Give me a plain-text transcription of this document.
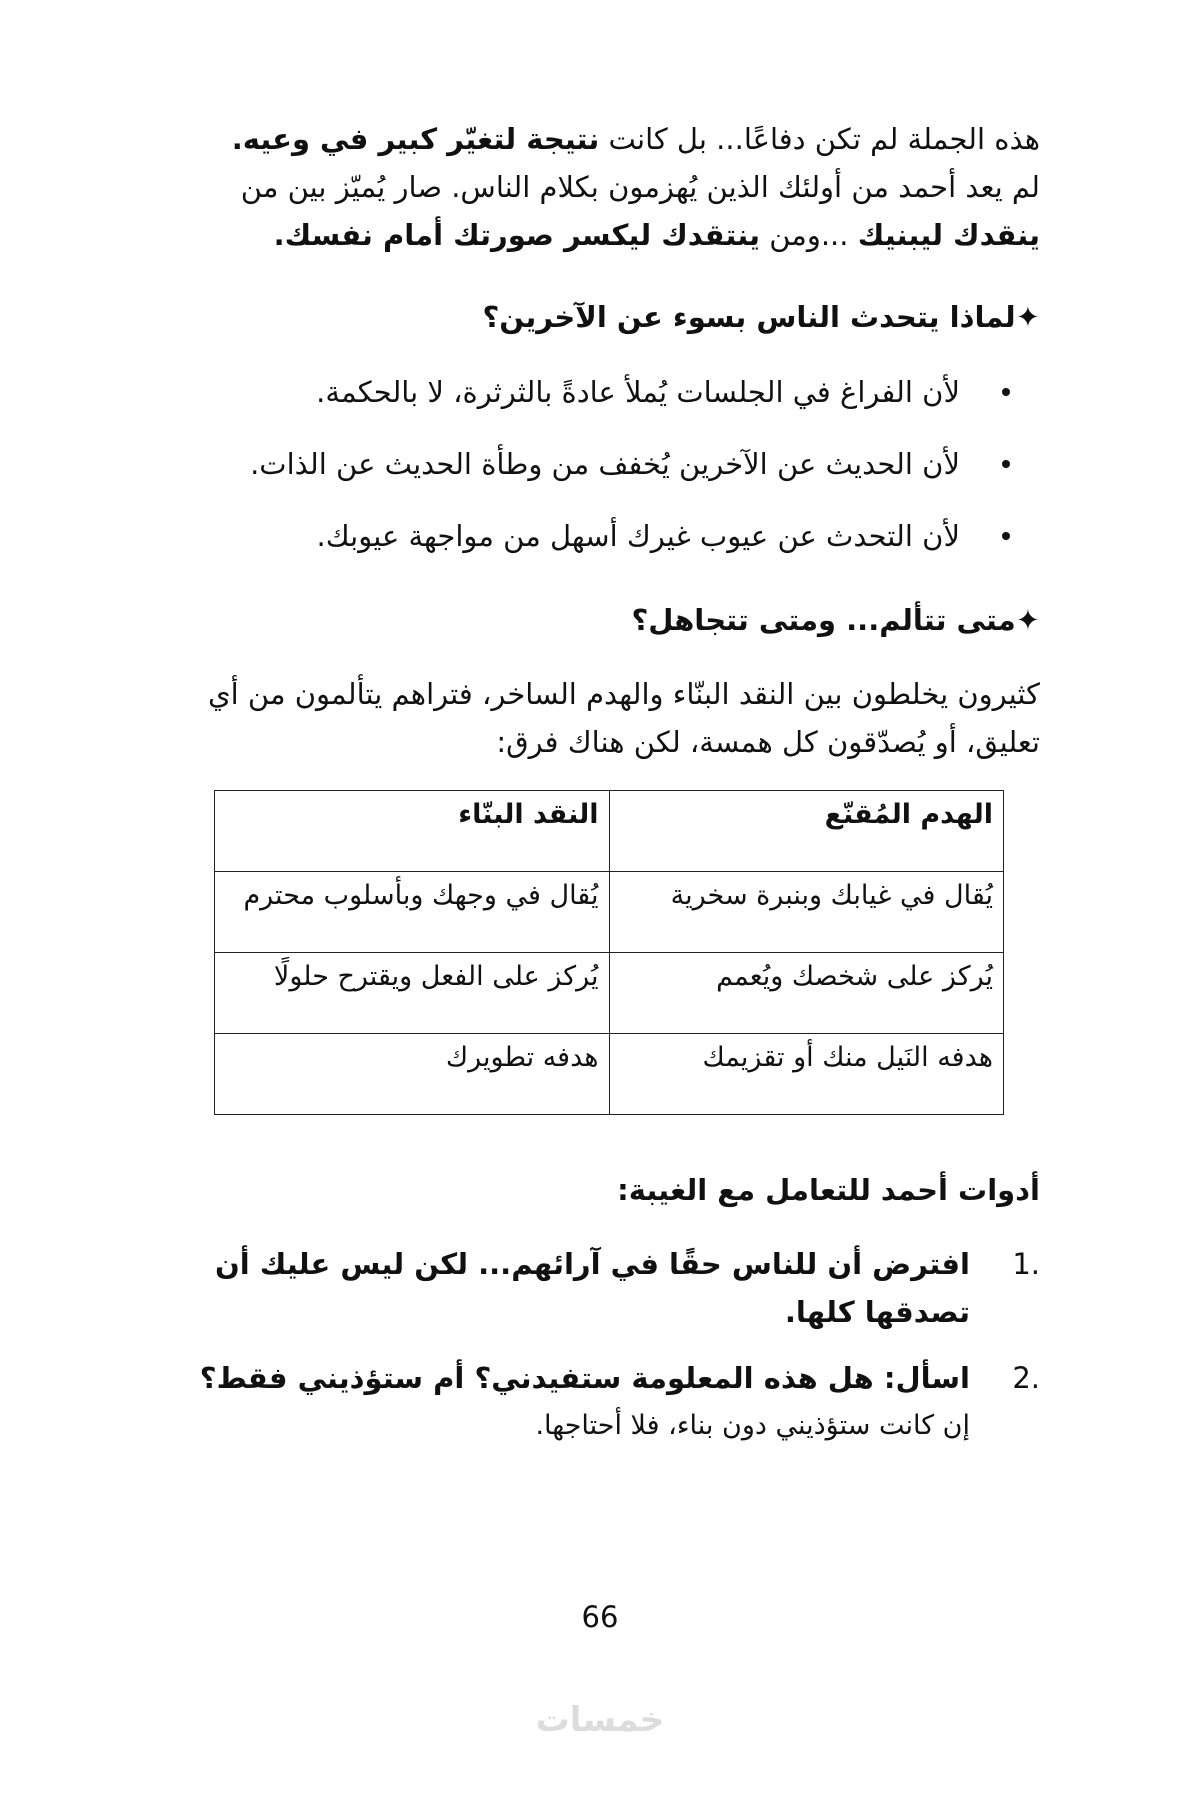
هذه الجملة لم تكن دفاعًا... بل كانت نتيجة لتغيّر كبير في وعيه.
لم يعد أحمد من أولئك الذين يُهزمون بكلام الناس. صار يُميّز بين من
ينقدك ليبنيك ...ومن ينتقدك ليكسر صورتك أمام نفسك.

✦لماذا يتحدث الناس بسوء عن الآخرين؟
لأن الفراغ في الجلسات يُملأ عادةً بالثرثرة، لا بالحكمة.
لأن الحديث عن الآخرين يُخفف من وطأة الحديث عن الذات.
لأن التحدث عن عيوب غيرك أسهل من مواجهة عيوبك.
✦متى تتألم... ومتى تتجاهل؟

كثيرون يخلطون بين النقد البنّاء والهدم الساخر، فتراهم يتألمون من أي
تعليق، أو يُصدّقون كل همسة، لكن هناك فرق:

الهدم المُقنّع	النقد البنّاء
يُقال في غيابك وبنبرة سخرية	يُقال في وجهك وبأسلوب محترم
يُركز على شخصك ويُعمم	يُركز على الفعل ويقترح حلولًا
هدفه النَيل منك أو تقزيمك	هدفه تطويرك
أدوات أحمد للتعامل مع الغيبة:
1.
افترض أن للناس حقًا في آرائهم... لكن ليس عليك أن تصدقها كلها.
2.
اسأل: هل هذه المعلومة ستفيدني؟ أم ستؤذيني فقط؟
إن كانت ستؤذيني دون بناء، فلا أحتاجها.
66
خمسات
